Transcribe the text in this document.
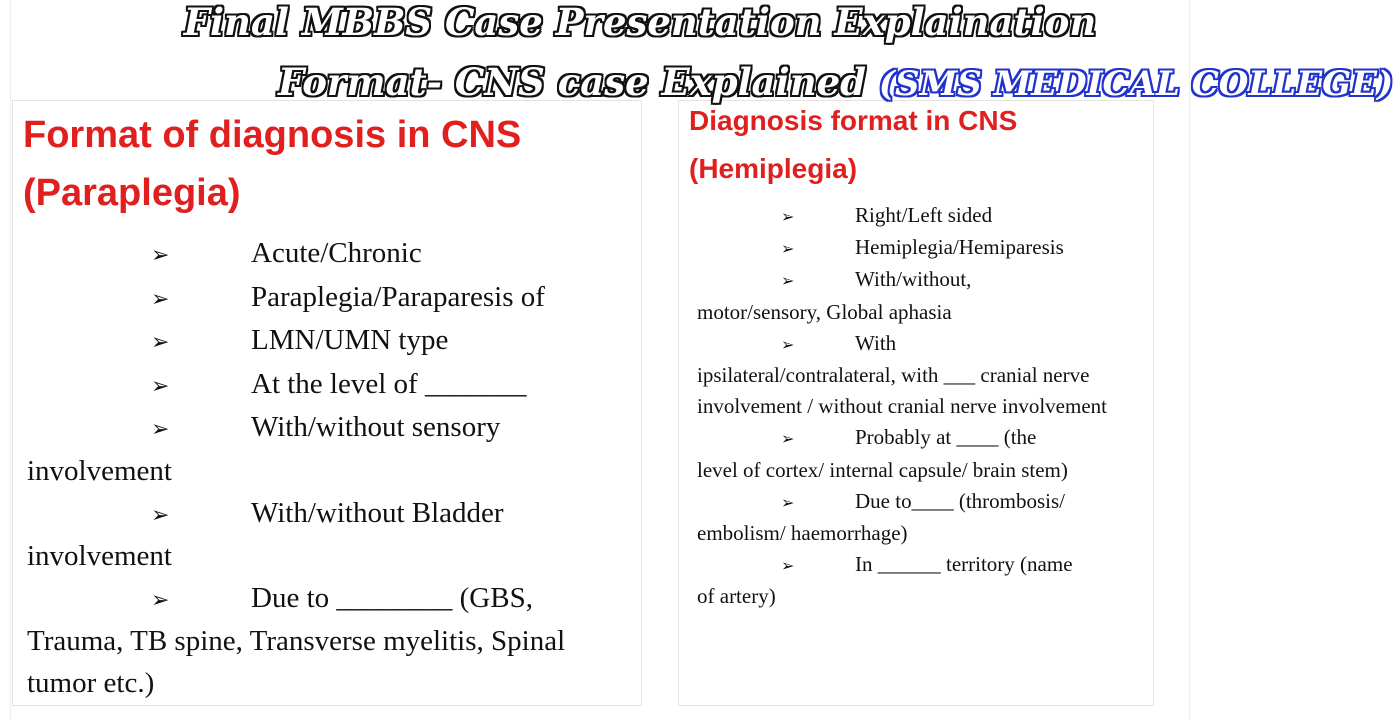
Format of diagnosis in CNS

(Paraplegia)

➢	Acute/Chronic
➢	Paraplegia/Paraparesis of
➢	LMN/UMN type
➢	At the level of _______
➢	With/without sensory
involvement
➢	With/without Bladder
involvement
➢	Due to ________ (GBS,
Trauma, TB spine, Transverse myelitis, Spinal tumor etc.)

Diagnosis format in CNS

(Hemiplegia)

➢	Right/Left sided
➢	Hemiplegia/Hemiparesis
➢	With/without,
motor/sensory, Global aphasia
➢	With
ipsilateral/contralateral, with ___ cranial nerve involvement / without cranial nerve involvement
➢	Probably at ____ (the
level of cortex/ internal capsule/ brain stem)
➢	Due to____ (thrombosis/
embolism/ haemorrhage)
➢	In ______ territory (name
of artery)
Final MBBS Case Presentation Explaination
Format- CNS case Explained (SMS MEDICAL COLLEGE)
